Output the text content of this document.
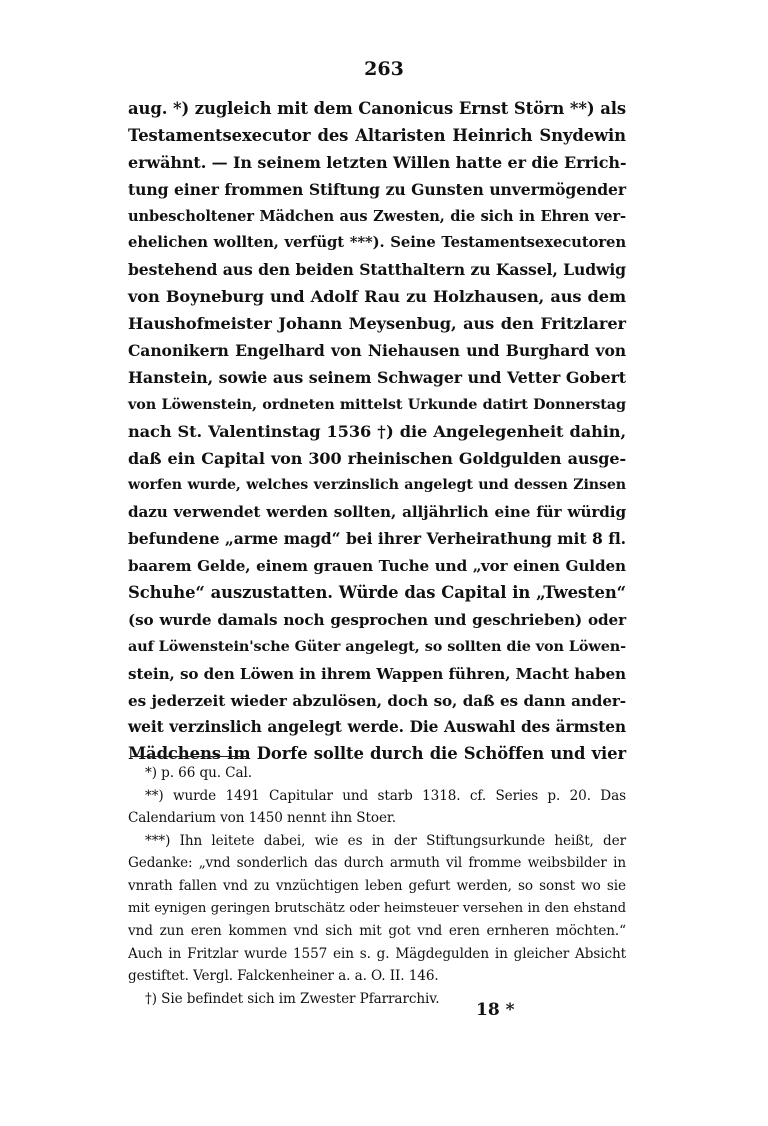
263
aug. *) zugleich mit dem Canonicus Ernst Störn **) als
Testamentsexecutor des Altaristen Heinrich Snydewin
erwähnt. — In seinem letzten Willen hatte er die Errich-
tung einer frommen Stiftung zu Gunsten unvermögender
unbescholtener Mädchen aus Zwesten, die sich in Ehren ver-
ehelichen wollten, verfügt ***). Seine Testamentsexecutoren
bestehend aus den beiden Statthaltern zu Kassel, Ludwig
von Boyneburg und Adolf Rau zu Holzhausen, aus dem
Haushofmeister Johann Meysenbug, aus den Fritzlarer
Canonikern Engelhard von Niehausen und Burghard von
Hanstein, sowie aus seinem Schwager und Vetter Gobert
von Löwenstein, ordneten mittelst Urkunde datirt Donnerstag
nach St. Valentinstag 1536 †) die Angelegenheit dahin,
daß ein Capital von 300 rheinischen Goldgulden ausge-
worfen wurde, welches verzinslich angelegt und dessen Zinsen
dazu verwendet werden sollten, alljährlich eine für würdig
befundene „arme magd“ bei ihrer Verheirathung mit 8 fl.
baarem Gelde, einem grauen Tuche und „vor einen Gulden
Schuhe“ auszustatten. Würde das Capital in „Twesten“
(so wurde damals noch gesprochen und geschrieben) oder
auf Löwenstein'sche Güter angelegt, so sollten die von Löwen-
stein, so den Löwen in ihrem Wappen führen, Macht haben
es jederzeit wieder abzulösen, doch so, daß es dann ander-
weit verzinslich angelegt werde. Die Auswahl des ärmsten
Mädchens im Dorfe sollte durch die Schöffen und vier
*) p. 66 qu. Cal.
**) wurde 1491 Capitular und starb 1318. cf. Series p. 20. Das
Calendarium von 1450 nennt ihn Stoer.
***) Ihn leitete dabei, wie es in der Stiftungsurkunde heißt, der
Gedanke: „vnd sonderlich das durch armuth vil fromme weibsbilder in
vnrath fallen vnd zu vnzüchtigen leben gefurt werden, so sonst wo sie
mit eynigen geringen brutschätz oder heimsteuer versehen in den ehstand
vnd zun eren kommen vnd sich mit got vnd eren ernheren möchten.“
Auch in Fritzlar wurde 1557 ein s. g. Mägdegulden in gleicher Absicht
gestiftet. Vergl. Falckenheiner a. a. O. II. 146.
†) Sie befindet sich im Zwester Pfarrarchiv.
18 *
